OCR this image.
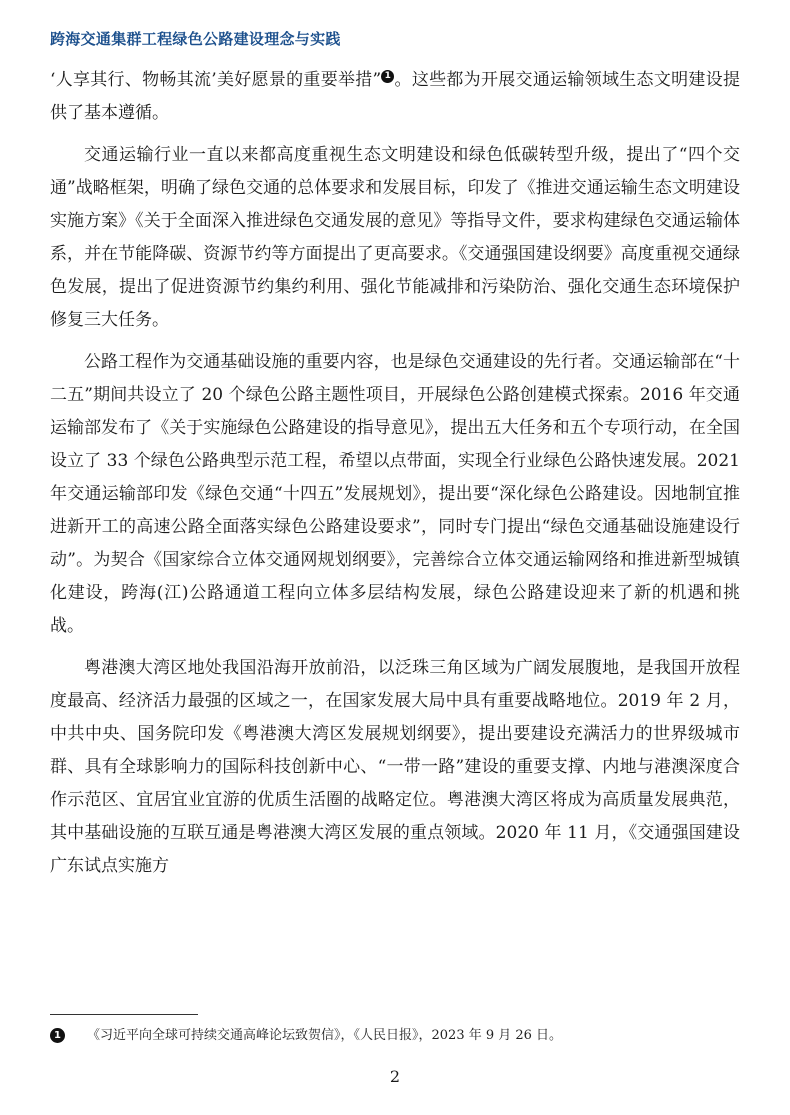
跨海交通集群工程绿色公路建设理念与实践

‘人享其行、物畅其流’美好愿景的重要举措” 1 。这些都为开展交通运输领域生态文明建设提供了基本遵循。

交通运输行业一直以来都高度重视生态文明建设和绿色低碳转型升级，提出了“四个交通”战略框架，明确了绿色交通的总体要求和发展目标，印发了《推进交通运输生态文明建设实施方案》《关于全面深入推进绿色交通发展的意见》等指导文件，要求构建绿色交通运输体系，并在节能降碳、资源节约等方面提出了更高要求。《交通强国建设纲要》高度重视交通绿色发展，提出了促进资源节约集约利用、强化节能减排和污染防治、强化交通生态环境保护修复三大任务。

公路工程作为交通基础设施的重要内容，也是绿色交通建设的先行者。交通运输部在“十二五”期间共设立了 20 个绿色公路主题性项目，开展绿色公路创建模式探索。2016 年交通运输部发布了《关于实施绿色公路建设的指导意见》，提出五大任务和五个专项行动，在全国设立了 33 个绿色公路典型示范工程，希望以点带面，实现全行业绿色公路快速发展。2021 年交通运输部印发《绿色交通“十四五”发展规划》，提出要“深化绿色公路建设。因地制宜推进新开工的高速公路全面落实绿色公路建设要求”，同时专门提出“绿色交通基础设施建设行动”。为契合《国家综合立体交通网规划纲要》，完善综合立体交通运输网络和推进新型城镇化建设，跨海(江)公路通道工程向立体多层结构发展，绿色公路建设迎来了新的机遇和挑战。

粤港澳大湾区地处我国沿海开放前沿，以泛珠三角区域为广阔发展腹地，是我国开放程度最高、经济活力最强的区域之一，在国家发展大局中具有重要战略地位。2019 年 2 月，中共中央、国务院印发《粤港澳大湾区发展规划纲要》，提出要建设充满活力的世界级城市群、具有全球影响力的国际科技创新中心、“一带一路”建设的重要支撑、内地与港澳深度合作示范区、宜居宜业宜游的优质生活圈的战略定位。粤港澳大湾区将成为高质量发展典范，其中基础设施的互联互通是粤港澳大湾区发展的重点领域。2020 年 11 月，《交通强国建设广东试点实施方

1 《习近平向全球可持续交通高峰论坛致贺信》，《人民日报》，2023 年 9 月 26 日。
2
